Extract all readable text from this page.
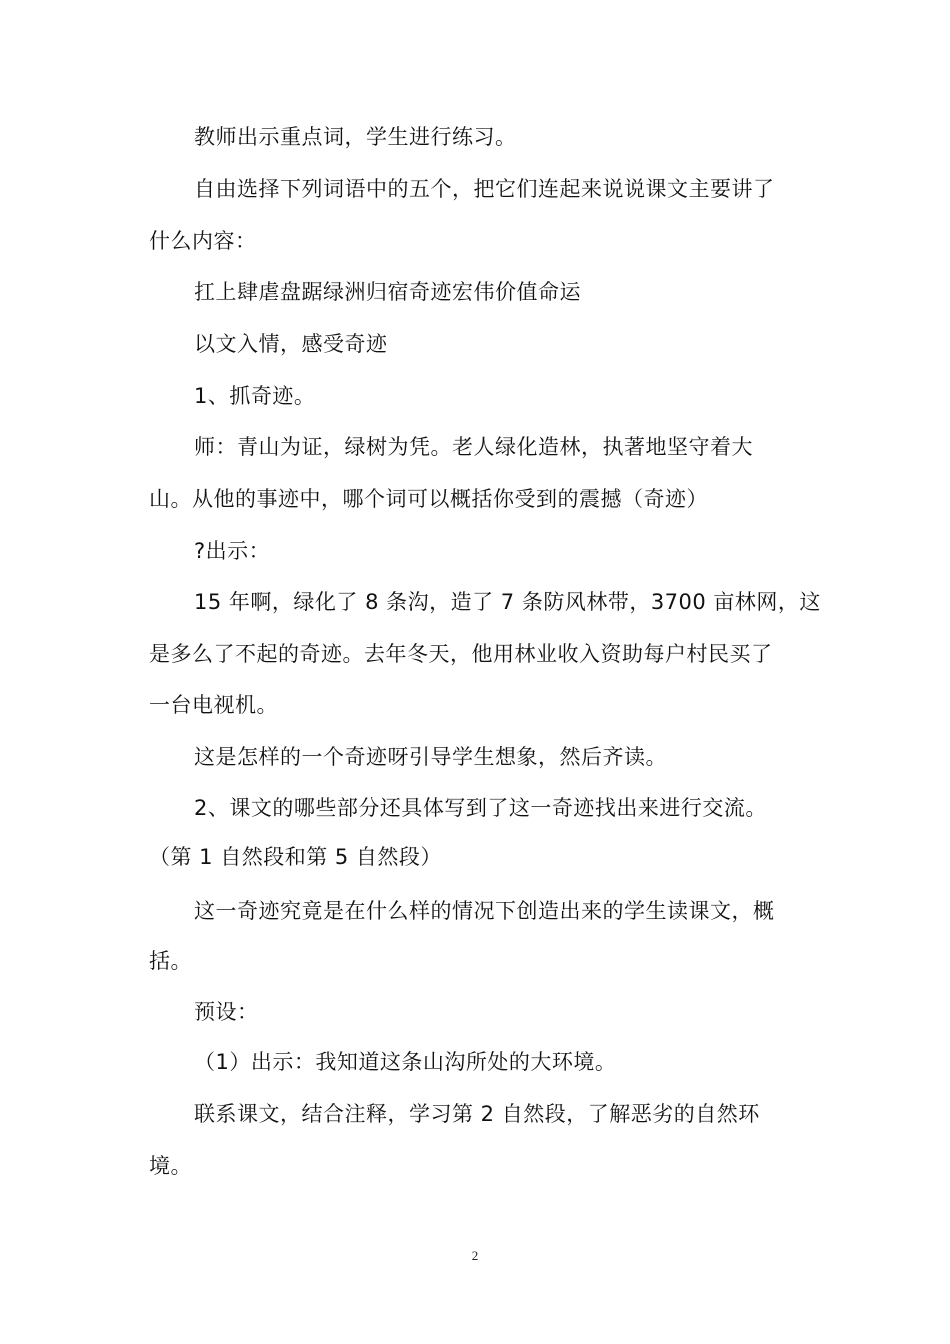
教师出示重点词，学生进行练习。
自由选择下列词语中的五个，把它们连起来说说课文主要讲了
什么内容：
扛上肆虐盘踞绿洲归宿奇迹宏伟价值命运
以文入情，感受奇迹
1、抓奇迹。
师：青山为证，绿树为凭。老人绿化造林，执著地坚守着大
山。从他的事迹中，哪个词可以概括你受到的震撼（奇迹）
?出示：
15 年啊，绿化了 8 条沟，造了 7 条防风林带，3700 亩林网，这
是多么了不起的奇迹。去年冬天，他用林业收入资助每户村民买了
一台电视机。
这是怎样的一个奇迹呀引导学生想象，然后齐读。
2、课文的哪些部分还具体写到了这一奇迹找出来进行交流。
（第 1 自然段和第 5 自然段）
这一奇迹究竟是在什么样的情况下创造出来的学生读课文，概
括。
预设：
（1）出示：我知道这条山沟所处的大环境。
联系课文，结合注释，学习第 2 自然段，了解恶劣的自然环
境。
2
